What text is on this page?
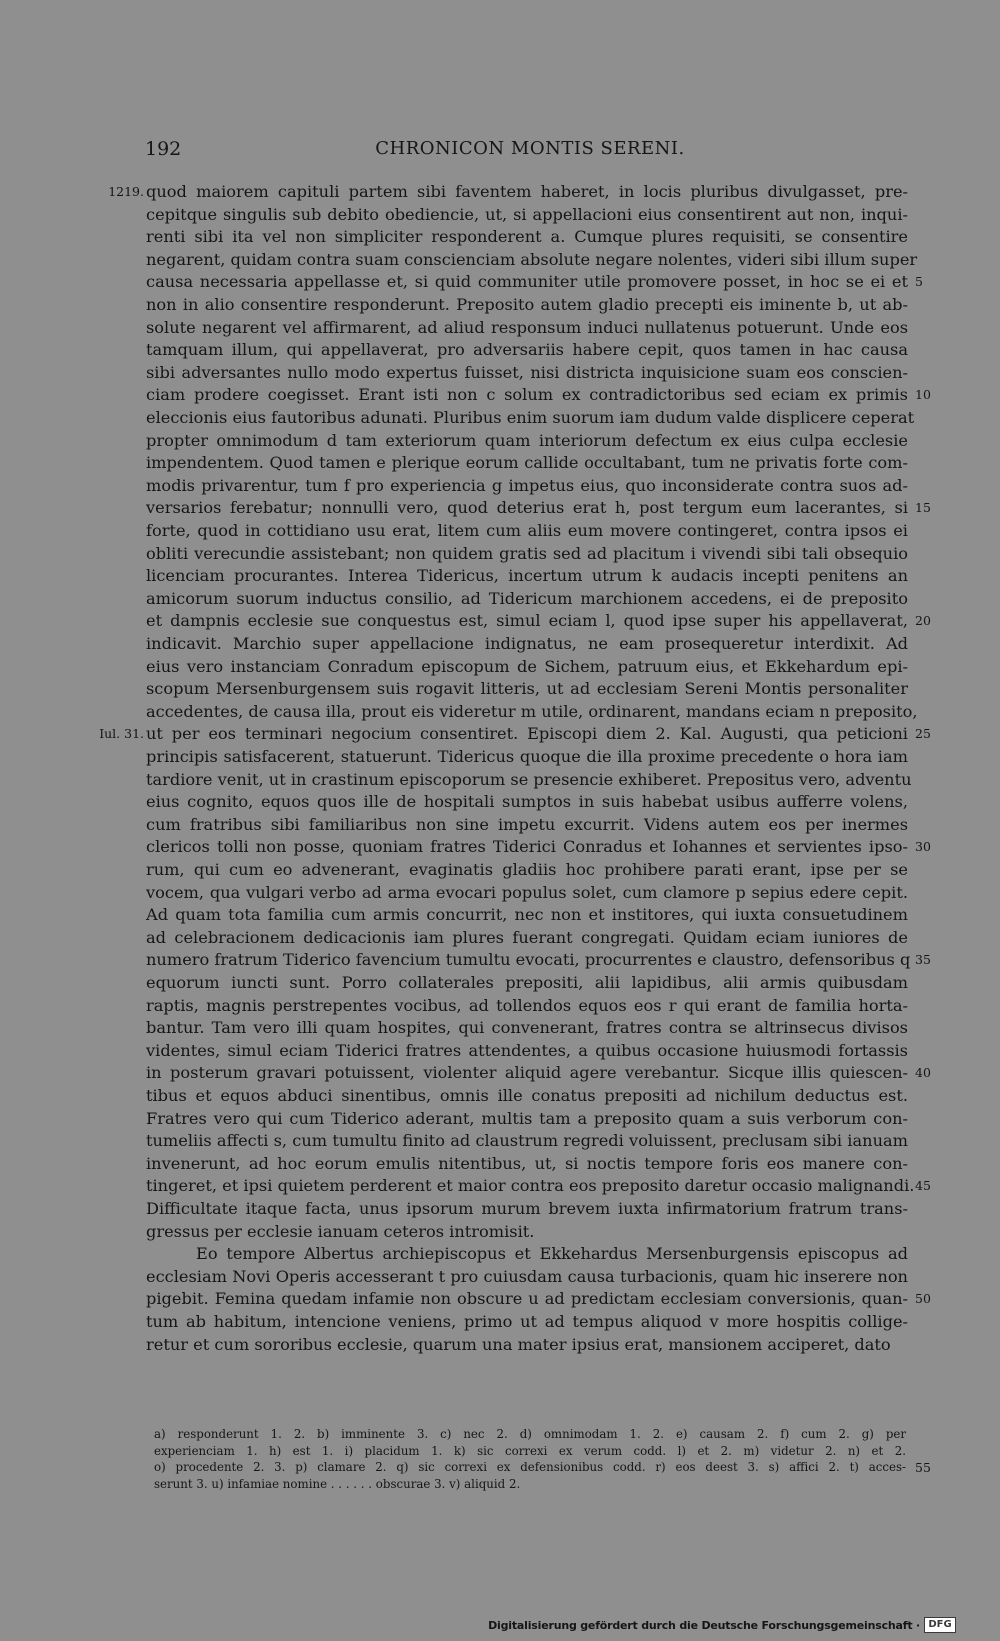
192	CHRONICON MONTIS SERENI.
quod maiorem capituli partem sibi faventem haberet, in locis pluribus divulgasset, pre-
cepitque singulis sub debito obediencie, ut, si appellacioni eius consentirent aut non, inqui-
renti sibi ita vel non simpliciter responderent a. Cumque plures requisiti, se consentire
negarent, quidam contra suam conscienciam absolute negare nolentes, videri sibi illum super
causa necessaria appellasse et, si quid communiter utile promovere posset, in hoc se ei et
non in alio consentire responderunt. Preposito autem gladio precepti eis iminente b, ut ab-
solute negarent vel affirmarent, ad aliud responsum induci nullatenus potuerunt. Unde eos
tamquam illum, qui appellaverat, pro adversariis habere cepit, quos tamen in hac causa
sibi adversantes nullo modo expertus fuisset, nisi districta inquisicione suam eos conscien-
ciam prodere coegisset. Erant isti non c solum ex contradictoribus sed eciam ex primis
eleccionis eius fautoribus adunati. Pluribus enim suorum iam dudum valde displicere ceperat
propter omnimodum d tam exteriorum quam interiorum defectum ex eius culpa ecclesie
impendentem. Quod tamen e plerique eorum callide occultabant, tum ne privatis forte com-
modis privarentur, tum f pro experiencia g impetus eius, quo inconsiderate contra suos ad-
versarios ferebatur; nonnulli vero, quod deterius erat h, post tergum eum lacerantes, si
forte, quod in cottidiano usu erat, litem cum aliis eum movere contingeret, contra ipsos ei
obliti verecundie assistebant; non quidem gratis sed ad placitum i vivendi sibi tali obsequio
licenciam procurantes. Interea Tidericus, incertum utrum k audacis incepti penitens an
amicorum suorum inductus consilio, ad Tidericum marchionem accedens, ei de preposito
et dampnis ecclesie sue conquestus est, simul eciam l, quod ipse super his appellaverat,
indicavit. Marchio super appellacione indignatus, ne eam prosequeretur interdixit. Ad
eius vero instanciam Conradum episcopum de Sichem, patruum eius, et Ekkehardum epi-
scopum Mersenburgensem suis rogavit litteris, ut ad ecclesiam Sereni Montis personaliter
accedentes, de causa illa, prout eis videretur m utile, ordinarent, mandans eciam n preposito,
ut per eos terminari negocium consentiret. Episcopi diem 2. Kal. Augusti, qua peticioni
principis satisfacerent, statuerunt. Tidericus quoque die illa proxime precedente o hora iam
tardiore venit, ut in crastinum episcoporum se presencie exhiberet. Prepositus vero, adventu
eius cognito, equos quos ille de hospitali sumptos in suis habebat usibus aufferre volens,
cum fratribus sibi familiaribus non sine impetu excurrit. Videns autem eos per inermes
clericos tolli non posse, quoniam fratres Tiderici Conradus et Iohannes et servientes ipso-
rum, qui cum eo advenerant, evaginatis gladiis hoc prohibere parati erant, ipse per se
vocem, qua vulgari verbo ad arma evocari populus solet, cum clamore p sepius edere cepit.
Ad quam tota familia cum armis concurrit, nec non et institores, qui iuxta consuetudinem
ad celebracionem dedicacionis iam plures fuerant congregati. Quidam eciam iuniores de
numero fratrum Tiderico favencium tumultu evocati, procurrentes e claustro, defensoribus q
equorum iuncti sunt. Porro collaterales prepositi, alii lapidibus, alii armis quibusdam
raptis, magnis perstrepentes vocibus, ad tollendos equos eos r qui erant de familia horta-
bantur. Tam vero illi quam hospites, qui convenerant, fratres contra se altrinsecus divisos
videntes, simul eciam Tiderici fratres attendentes, a quibus occasione huiusmodi fortassis
in posterum gravari potuissent, violenter aliquid agere verebantur. Sicque illis quiescen-
tibus et equos abduci sinentibus, omnis ille conatus prepositi ad nichilum deductus est.
Fratres vero qui cum Tiderico aderant, multis tam a preposito quam a suis verborum con-
tumeliis affecti s, cum tumultu finito ad claustrum regredi voluissent, preclusam sibi ianuam
invenerunt, ad hoc eorum emulis nitentibus, ut, si noctis tempore foris eos manere con-
tingeret, et ipsi quietem perderent et maior contra eos preposito daretur occasio malignandi.
Difficultate itaque facta, unus ipsorum murum brevem iuxta infirmatorium fratrum trans-
gressus per ecclesie ianuam ceteros intromisit.
Eo tempore Albertus archiepiscopus et Ekkehardus Mersenburgensis episcopus ad
ecclesiam Novi Operis accesserant t pro cuiusdam causa turbacionis, quam hic inserere non
pigebit. Femina quedam infamie non obscure u ad predictam ecclesiam conversionis, quan-
tum ab habitum, intencione veniens, primo ut ad tempus aliquod v more hospitis collige-
retur et cum sororibus ecclesie, quarum una mater ipsius erat, mansionem acciperet, dato
1219.
Iul. 31.
5
10
15
20
25
30
35
40
45
50
a) responderunt 1. 2. b) imminente 3. c) nec 2. d) omnimodam 1. 2. e) causam 2. f) cum 2. g) per
experienciam 1. h) est 1. i) placidum 1. k) sic correxi ex verum codd. l) et 2. m) videtur 2. n) et 2.
o) procedente 2. 3. p) clamare 2. q) sic correxi ex defensionibus codd. r) eos deest 3. s) affici 2. t) acces-
serunt 3. u) infamiae nomine . . . . . . obscurae 3. v) aliquid 2.
55
Digitalisierung gefördert durch die Deutsche Forschungsgemeinschaft · DFG
